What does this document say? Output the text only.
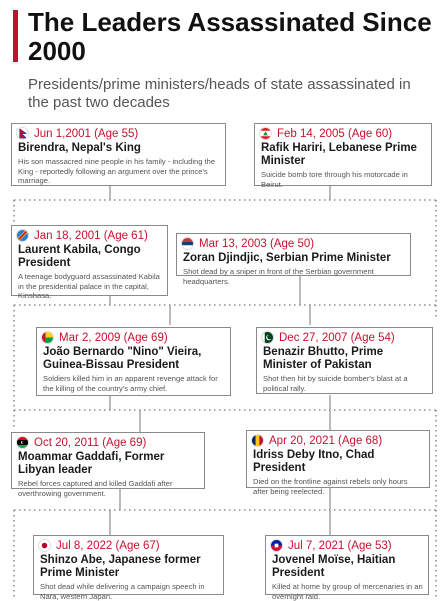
The Leaders Assassinated Since 2000
Presidents/prime ministers/heads of state assassinated in the past two decades
Jun 1,2001 (Age 55)
Birendra, Nepal's King
His son massacred nine people in his family - including the King - reportedly following an argument over the prince's marriage.
Feb 14, 2005 (Age 60)
Rafik Hariri, Lebanese Prime Minister
Suicide bomb tore through his motorcade in Beirut.
Jan 18, 2001 (Age 61)
Laurent Kabila, Congo President
A teenage bodyguard assassinated Kabila in the presidential palace in the capital, Kinshasa.
Mar 13, 2003 (Age 50)
Zoran Djindjic, Serbian Prime Minister
Shot dead by a sniper in front of the Serbian government headquarters.
Mar 2, 2009 (Age 69)
João Bernardo "Nino" Vieira, Guinea-Bissau President
Soldiers killed him in an apparent revenge attack for the killing of the country's army chief.
Dec 27, 2007 (Age 54)
Benazir Bhutto, Prime Minister of Pakistan
Shot then hit by suicide bomber's blast at a political rally.
Oct 20, 2011 (Age 69)
Moammar Gaddafi, Former Libyan leader
Rebel forces captured and killed Gaddafi after overthrowing government.
Apr 20, 2021 (Age 68)
Idriss Deby Itno, Chad President
Died on the frontline against rebels only hours after being reelected.
Jul 8, 2022 (Age 67)
Shinzo Abe, Japanese former Prime Minister
Shot dead while delivering a campaign speech in Nara, western Japan.
Jul 7, 2021 (Age 53)
Jovenel Moïse, Haitian President
Killed at home by group of mercenaries in an overnight raid.
